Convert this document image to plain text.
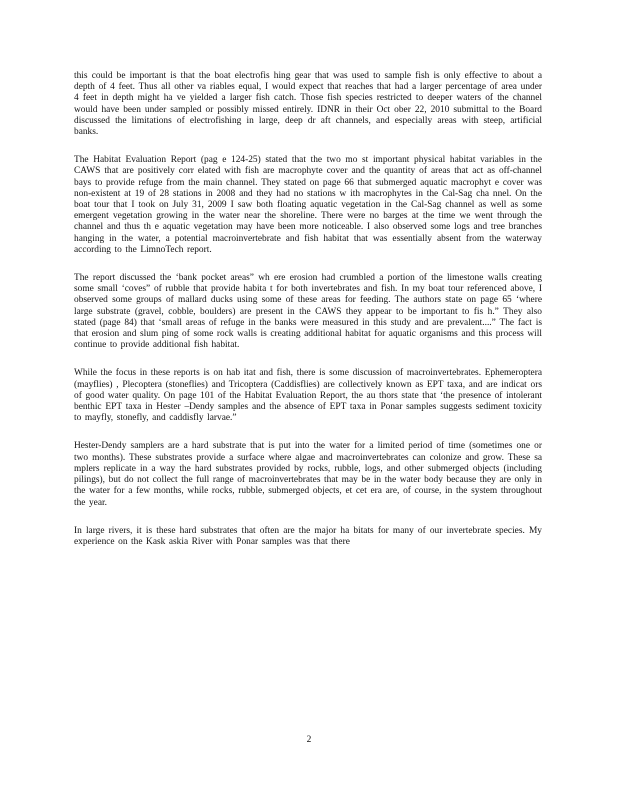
this could be important is that the boat electrofis hing gear that was used to sample fish is only effective to about a depth of 4 feet. Thus all other va riables equal, I would expect that reaches that had a larger percentage of area under 4 feet in depth might ha ve yielded a larger fish catch. Those fish species restricted to deeper waters of the channel would have been under sampled or possibly missed entirely. IDNR in their Oct ober 22, 2010 submittal to the Board discussed the limitations of electrofishing in large, deep dr aft channels, and especially areas with steep, artificial banks.

The Habitat Evaluation Report (pag e 124-25) stated that the two mo st important physical habitat variables in the CAWS that are positively corr elated with fish are macrophyte cover and the quantity of areas that act as off-channel bays to provide refuge from the main channel. They stated on page 66 that submerged aquatic macrophyt e cover was non-existent at 19 of 28 stations in 2008 and they had no stations w ith macrophytes in the Cal-Sag cha nnel. On the boat tour that I took on July 31, 2009 I saw both floating aquatic vegetation in the Cal-Sag channel as well as some emergent vegetation growing in the water near the shoreline. There were no barges at the time we went through the channel and thus th e aquatic vegetation may have been more noticeable. I also observed some logs and tree branches hanging in the water, a potential macroinvertebrate and fish habitat that was essentially absent from the waterway according to the LimnoTech report.

The report discussed the ‘bank pocket areas” wh ere erosion had crumbled a portion of the limestone walls creating some small ‘coves” of rubble that provide habita t for both invertebrates and fish. In my boat tour referenced above, I observed some groups of mallard ducks using some of these areas for feeding. The authors state on page 65 ‘where large substrate (gravel, cobble, boulders) are present in the CAWS they appear to be important to fis h.” They also stated (page 84) that ‘small areas of refuge in the banks were measured in this study and are prevalent....” The fact is that erosion and slum ping of some rock walls is creating additional habitat for aquatic organisms and this process will continue to provide additional fish habitat.

While the focus in these reports is on hab itat and fish, there is some discussion of macroinvertebrates. Ephemeroptera (mayflies) , Plecoptera (stoneflies) and Tricoptera (Caddisflies) are collectively known as EPT taxa, and are indicat ors of good water quality. On page 101 of the Habitat Evaluation Report, the au thors state that ‘the presence of intolerant benthic EPT taxa in Hester –Dendy samples and the absence of EPT taxa in Ponar samples suggests sediment toxicity to mayfly, stonefly, and caddisfly larvae.”

Hester-Dendy samplers are a hard substrate that is put into the water for a limited period of time (sometimes one or two months). These substrates provide a surface where algae and macroinvertebrates can colonize and grow. These sa mplers replicate in a way the hard substrates provided by rocks, rubble, logs, and other submerged objects (including pilings), but do not collect the full range of macroinvertebrates that may be in the water body because they are only in the water for a few months, while rocks, rubble, submerged objects, et cet era are, of course, in the system throughout the year.

In large rivers, it is these hard substrates that often are the major ha bitats for many of our invertebrate species. My experience on the Kask askia River with Ponar samples was that there

2
